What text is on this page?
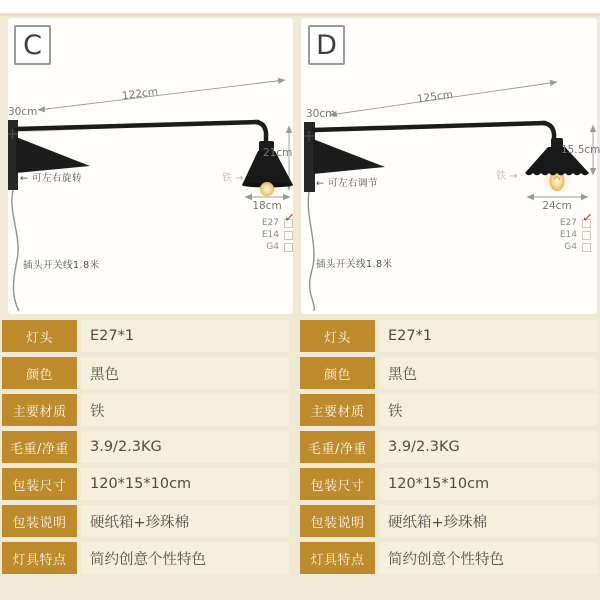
C
122cm
30cm
21cm
18cm
铁 →
← 可左右旋转
插头开关线1.8米
E27 ✓
E14
G4
D
125cm
30cm
15.5cm
24cm
铁 →
← 可左右调节
插头开关线1.8米
E27 ✓
E14
G4
灯头	E27*1
颜色	黑色
主要材质	铁
毛重/净重	3.9/2.3KG
包装尺寸	120*15*10cm
包装说明	硬纸箱+珍珠棉
灯具特点	简约创意个性特色
灯头	E27*1
颜色	黑色
主要材质	铁
毛重/净重	3.9/2.3KG
包装尺寸	120*15*10cm
包装说明	硬纸箱+珍珠棉
灯具特点	简约创意个性特色
